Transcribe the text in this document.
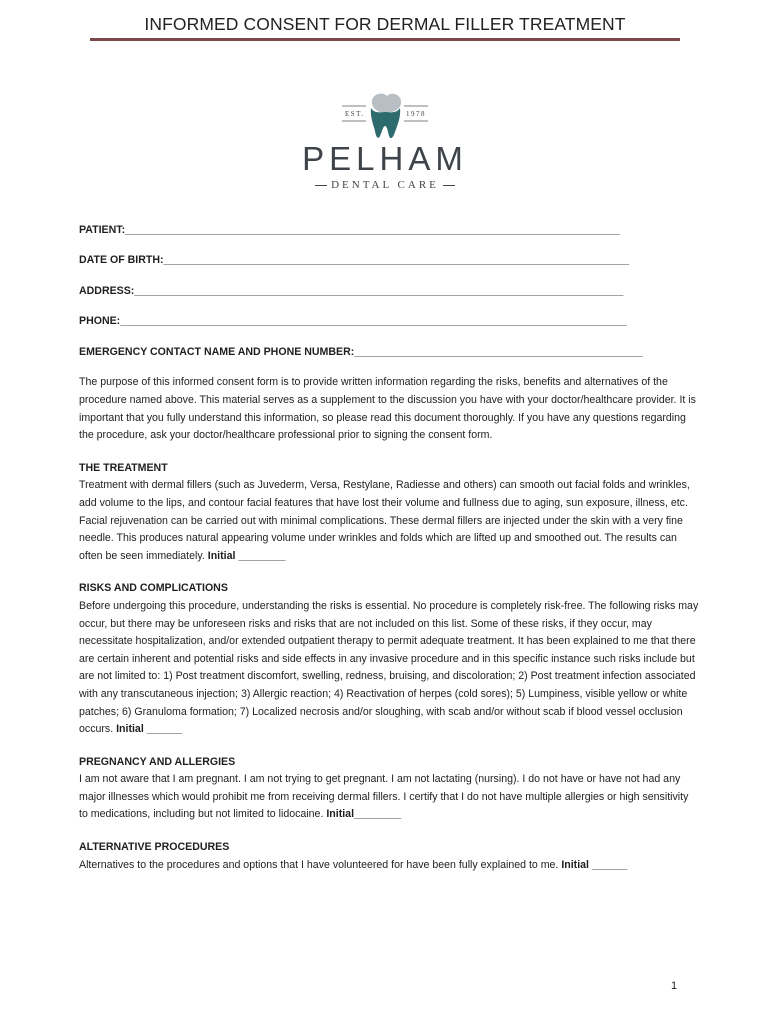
INFORMED CONSENT FOR DERMAL FILLER TREATMENT
EST.	1978
PELHAM
DENTAL CARE
PATIENT:____________________________________________________________________________________
DATE OF BIRTH:_______________________________________________________________________________
ADDRESS:___________________________________________________________________________________
PHONE:______________________________________________________________________________________
EMERGENCY CONTACT NAME AND PHONE NUMBER:_________________________________________________

The purpose of this informed consent form is to provide written information regarding the risks, benefits and alternatives of the procedure named above. This material serves as a supplement to the discussion you have with your doctor/healthcare provider. It is important that you fully understand this information, so please read this document thoroughly. If you have any questions regarding the procedure, ask your doctor/healthcare professional prior to signing the consent form.

THE TREATMENT

Treatment with dermal fillers (such as Juvederm, Versa, Restylane, Radiesse and others) can smooth out facial folds and wrinkles, add volume to the lips, and contour facial features that have lost their volume and fullness due to aging, sun exposure, illness, etc. Facial rejuvenation can be carried out with minimal complications. These dermal fillers are injected under the skin with a very fine needle. This produces natural appearing volume under wrinkles and folds which are lifted up and smoothed out. The results can often be seen immediately. Initial ________

RISKS AND COMPLICATIONS

Before undergoing this procedure, understanding the risks is essential. No procedure is completely risk-free. The following risks may occur, but there may be unforeseen risks and risks that are not included on this list. Some of these risks, if they occur, may necessitate hospitalization, and/or extended outpatient therapy to permit adequate treatment. It has been explained to me that there are certain inherent and potential risks and side effects in any invasive procedure and in this specific instance such risks include but are not limited to: 1) Post treatment discomfort, swelling, redness, bruising, and discoloration; 2) Post treatment infection associated with any transcutaneous injection; 3) Allergic reaction; 4) Reactivation of herpes (cold sores); 5) Lumpiness, visible yellow or white patches; 6) Granuloma formation; 7) Localized necrosis and/or sloughing, with scab and/or without scab if blood vessel occlusion occurs. Initial ______

PREGNANCY AND ALLERGIES

I am not aware that I am pregnant. I am not trying to get pregnant. I am not lactating (nursing). I do not have or have not had any major illnesses which would prohibit me from receiving dermal fillers. I certify that I do not have multiple allergies or high sensitivity to medications, including but not limited to lidocaine. Initial________

ALTERNATIVE PROCEDURES

Alternatives to the procedures and options that I have volunteered for have been fully explained to me. Initial ______

1
